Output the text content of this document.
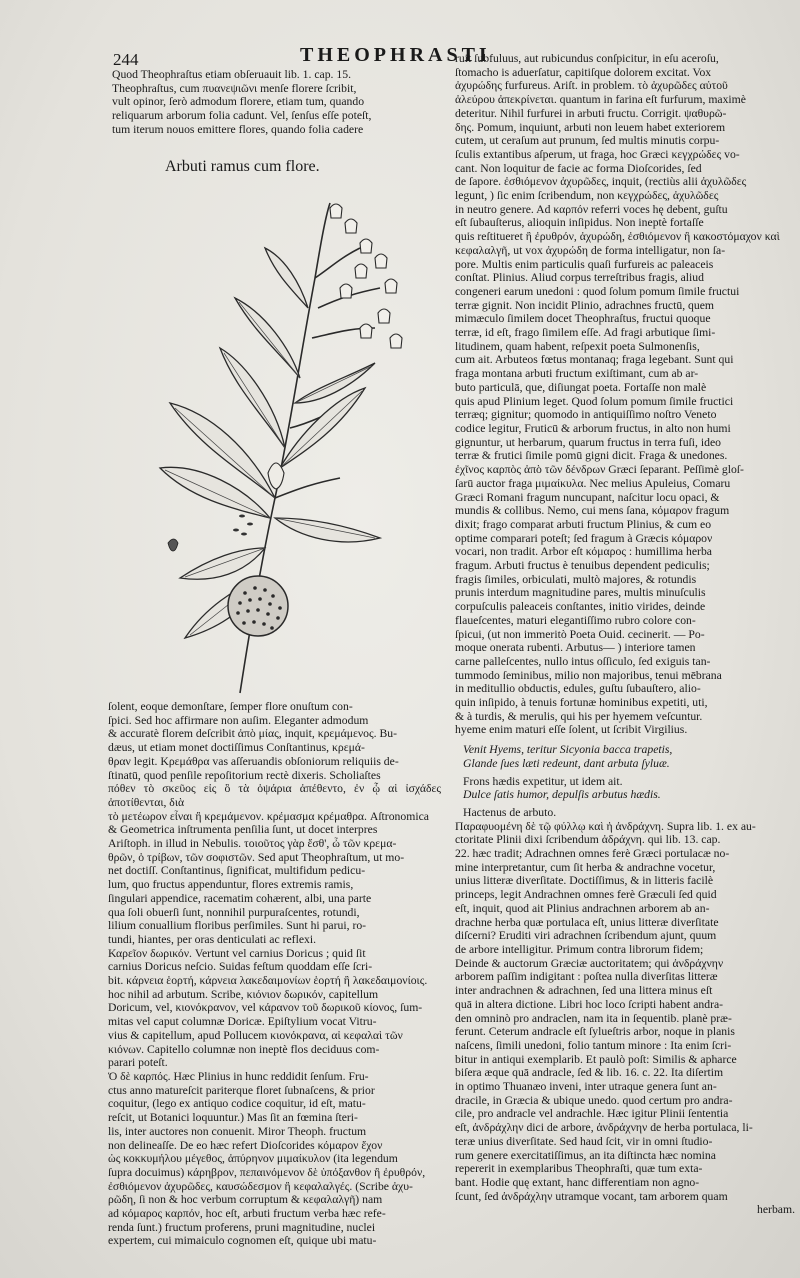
244	THEOPHRASTI

Quod Theophraſtus etiam obſeruauit lib. 1. cap. 15.

Theophraſtus, cum πυανεψιῶνι menſe florere ſcribit,

vult opinor, ſerò admodum florere, etiam tum, quando

reliquarum arborum folia cadunt. Vel, ſenſus eſſe poteſt,

tum iterum nouos emittere flores, quando folia cadere

Arbuti ramus cum flore.

ſolent, eoque demonſtare, ſemper flore onuſtum con-

ſpici. Sed hoc affirmare non auſim. Eleganter admodum

& accuratè florem deſcribit ἀπὸ μίας, inquit, κρεμάμενος. Bu-

dæus, ut etiam monet doctiſſimus Conſtantinus, κρεμά-

θραν legit. Κρεμάθρα vas aſſeruandis obſoniorum reliquiis de-

ſtinatū, quod penſile repoſitorium rectè dixeris. Scholiaſtes

πόθεν τὸ σκεῦος εἰς ὃ τὰ ὀψάρια ἀπέθεντο, ἐν ᾧ αἱ ἰσχάδες ἀποτίθενται, διὰ

τὸ μετέωρον εἶναι ἢ κρεμάμενον. κρέμασμα κρέμαθρα. Aſtronomica

& Geometrica inſtrumenta penſilia ſunt, ut docet interpres

Ariſtoph. in illud in Nebulis. τοιοῦτος γὰρ ἔσθ', ὦ τῶν κρεμα-

θρῶν, ὁ τρίβων, τῶν σοφιστῶν. Sed aput Theophraſtum, ut mo-

net doctiſſ. Conſtantinus, ſignificat, multifidum pedicu-

lum, quo fructus appenduntur, flores extremis ramis,

ſingulari appendice, racematim cohærent, albi, una parte

qua ſoli obuerſi ſunt, nonnihil purpuraſcentes, rotundi,

lilium conuallium floribus perſimiles. Sunt hi parui, ro-

tundi, hiantes, per oras denticulati ac reflexi.

Καρεῖον δωρικόν. Vertunt vel carnius Doricus ; quid ſit

carnius Doricus neſcio. Suidas feſtum quoddam eſſe ſcri-

bit. κάρνεια ἑορτή, κάρνεια λακεδαιμονίων ἑορτή ἢ λακεδαιμονίοις.

hoc nihil ad arbutum. Scribe, κιόνιον δωρικόν, capitellum

Doricum, vel, κιονόκρανον, vel κάρανον τοῦ δωρικοῦ κίονος, ſum-

mitas vel caput columnæ Doricæ. Epiſtylium vocat Vitru-

vius & capitellum, apud Pollucem κιονόκρανα, αἱ κεφαλαὶ τῶν

κιόνων. Capitello columnæ non ineptè flos deciduus com-

parari poteſt.

Ὁ δὲ καρπός. Hæc Plinius in hunc reddidit ſenſum. Fru-

ctus anno matureſcit pariterque floret ſubnaſcens, & prior

coquitur, (lego ex antiquo codice coquitur, id eſt, matu-

reſcit, ut Botanici loquuntur.) Mas ſit an fœmina ſteri-

lis, inter auctores non conuenit. Miror Theoph. fructum

non delineaſſe. De eo hæc refert Dioſcorides κόμαρον ἔχον

ὡς κοκκυμήλου μέγεθος, ἀπύρηνον μιμαίκυλον (ita legendum

ſupra docuimus) κάρηβρον, πεπαινόμενον δὲ ὑπόξανθον ἢ ἐρυθρόν,

ἐσθιόμενον ἀχυρῶδες, καυσώδεσμον ἢ κεφαλαλγές. (Scribe ἀχυ-

ρῶδη, ſi non & hoc verbum corruptum & κεφαλαλγῆ) nam

ad κόμαρος καρπόν, hoc eſt, arbuti fructum verba hæc refe-

renda ſunt.) fructum proferens, pruni magnitudine, nuclei

expertem, cui mimaiculo cognomen eſt, quique ubi matu-

ruit ſubfuluus, aut rubicundus conſpicitur, in eſu aceroſu,

ſtomacho is aduerſatur, capitiſque dolorem excitat. Vox

ἀχυρώδης furfureus. Ariſt. in problem. τὸ ἀχυρῶδες αὐτοῦ

ἀλεύρου ἀπεκρίνεται. quantum in farina eſt furfurum, maximè

deteritur. Nihil furfurei in arbuti fructu. Corrigit. ψαθυρῶ-

δης. Pomum, inquiunt, arbuti non leuem habet exteriorem

cutem, ut ceraſum aut prunum, ſed multis minutis corpu-

ſculis extantibus aſperum, ut fraga, hoc Græci κεγχρώδες vo-

cant. Non loquitur de facie ac forma Dioſcorides, ſed

de ſapore. ἐσθιόμενον ἀχυρῶδες, inquit, (rectiùs alii ἀχυλῶδες

legunt, ) ſic enim ſcribendum, non κεγχρώδες, ἀχυλῶδες

in neutro genere. Ad καρπόν referri voces hę debent, guſtu

eſt ſubauſterus, alioquin inſipidus. Non ineptè fortaſſe

quis reſtitueret ἢ ἐρυθρόν, ἀχυρώδη, ἐσθιόμενον ἢ κακοστόμαχον καὶ

κεφαλαλγῆ, ut vox ἀχυρώδη de forma intelligatur, non ſa-

pore. Multis enim particulis quaſi furfureis ac paleaceis

conſtat. Plinius. Aliud corpus terreſtribus fragis, aliud

congeneri earum unedoni : quod ſolum pomum ſimile fructui

terræ gignit. Non incidit Plinio, adrachnes fructū, quem

mimæculo ſimilem docet Theophraſtus, fructui quoque

terræ, id eſt, frago ſimilem eſſe. Ad fragi arbutique ſimi-

litudinem, quam habent, reſpexit poeta Sulmonenſis,

cum ait. Arbuteos fœtus montanaq; fraga legebant. Sunt qui

fraga montana arbuti fructum exiſtimant, cum ab ar-

buto particulā, que, diſiungat poeta. Fortaſſe non malè

quis apud Plinium leget. Quod ſolum pomum ſimile fructici

terræq; gignitur; quomodo in antiquiſſimo noſtro Veneto

codice legitur, Fruticū & arborum fructus, in alto non humi

gignuntur, ut herbarum, quarum fructus in terra fuſi, ideo

terræ & frutici ſimile pomū gigni dicit. Fraga & unedones.

ἐχῖνος καρπὸς ἀπὸ τῶν δένδρων Græci ſeparant. Peſſimè gloſ-

ſarū auctor fraga μιμαίκυλα. Nec melius Apuleius, Comaru

Græci Romani fragum nuncupant, naſcitur locu opaci, &

mundis & collibus. Nemo, cui mens ſana, κόμαρον fragum

dixit; frago comparat arbuti fructum Plinius, & cum eo

optime comparari poteſt; ſed fragum à Græcis κόμαρον

vocari, non tradit. Arbor eſt κόμαρος : humillima herba

fragum. Arbuti fructus è tenuibus dependent pediculis;

fragis ſimiles, orbiculati, multò majores, & rotundis

prunis interdum magnitudine pares, multis minuſculis

corpuſculis paleaceis conſtantes, initio virides, deinde

flaueſcentes, maturi elegantiſſimo rubro colore con-

ſpicui, (ut non immeritò Poeta Ouid. cecinerit. — Po-

moque onerata rubenti. Arbutus— ) interiore tamen

carne palleſcentes, nullo intus oſſiculo, ſed exiguis tan-

tummodo ſeminibus, milio non majoribus, tenui mēbrana

in meditullio obductis, edules, guſtu ſubauſtero, alio-

quin inſipido, à tenuis fortunæ hominibus expetiti, uti,

& à turdis, & merulis, qui his per hyemem veſcuntur.

hyeme enim maturi eſſe ſolent, ut ſcribit Virgilius.

Venit Hyems, teritur Sicyonia bacca trapetis,

Glande ſues læti redeunt, dant arbuta ſyluæ.

Frons hædis expetitur, ut idem ait.

Dulce ſatis humor, depulſis arbutus hædis.

Hactenus de arbuto.

Παραφυομένη δὲ τῷ φύλλῳ καὶ ἡ ἀνδράχνη. Supra lib. 1. ex au-

ctoritate Plinii dixi ſcribendum ἀδράχνη. qui lib. 13. cap.

22. hæc tradit; Adrachnen omnes ferè Græci portulacæ no-

mine interpretantur, cum ſit herba & andrachne vocetur,

unius litteræ diverſitate. Doctiſſimus, & in litteris facilè

princeps, legit Andrachnen omnes ferè Græculi ſed quid

eſt, inquit, quod ait Plinius andrachnen arborem ab an-

drachne herba quæ portulaca eſt, unius litteræ diverſitate

diſcerni? Eruditi viri adrachnen ſcribendum ajunt, quum

de arbore intelligitur. Primum contra librorum fidem;

Deinde & auctorum Græciæ auctoritatem; qui ἀνδράχνην

arborem paſſim indigitant : poſtea nulla diverſitas litteræ

inter andrachnen & adrachnen, ſed una littera minus eſt

quā in altera dictione. Libri hoc loco ſcripti habent andra-

den omninò pro andraclen, nam ita in ſequentib. planè præ-

ferunt. Ceterum andracle eſt ſylueſtris arbor, noque in planis

naſcens, ſimili unedoni, folio tantum minore : Ita enim ſcri-

bitur in antiqui exemplarib. Et paulò poſt: Similis & apharce

biſera æque quā andracle, ſed & lib. 16. c. 22. Ita diſertim

in optimo Thuanæo inveni, inter utraque genera ſunt an-

dracile, in Græcia & ubique unedo. quod certum pro andra-

cile, pro andracle vel andrachle. Hæc igitur Plinii ſententia

eſt, ἀνδράχλην dici de arbore, ἀνδράχνην de herba portulaca, li-

teræ unius diverſitate. Sed haud ſcit, vir in omni ſtudio-

rum genere exercitatiſſimus, an ita diſtincta hæc nomina

repererit in exemplaribus Theophraſti, quæ tum exta-

bant. Hodie quę extant, hanc differentiam non agno-

ſcunt, ſed ἀνδράχλην utramque vocant, tam arborem quam

herbam.
